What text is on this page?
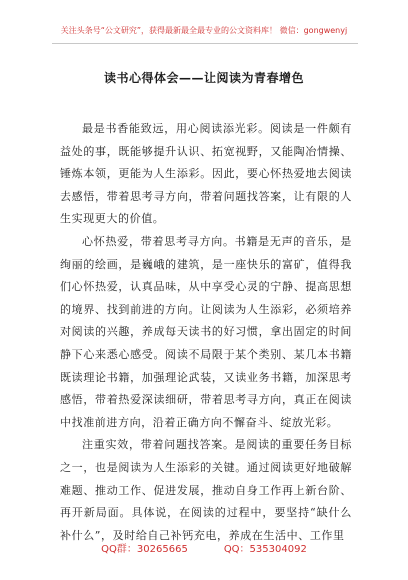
关注头条号“公文研究”，获得最新最全最专业的公文资料库！ 微信：gongwenyj
读书心得体会——让阅读为青春增色

最是书香能致远，用心阅读添光彩。阅读是一件颇有益处的事，既能够提升认识、拓宽视野，又能陶冶情操、锤炼本领，更能为人生添彩。因此，要心怀热爱地去阅读去感悟，带着思考寻方向，带着问题找答案，让有限的人生实现更大的价值。

心怀热爱，带着思考寻方向。书籍是无声的音乐，是绚丽的绘画，是巍峨的建筑，是一座快乐的富矿，值得我们心怀热爱，认真品味，从中享受心灵的宁静、提高思想的境界、找到前进的方向。让阅读为人生添彩，必须培养对阅读的兴趣，养成每天读书的好习惯，拿出固定的时间静下心来悉心感受。阅读不局限于某个类别、某几本书籍既读理论书籍，加强理论武装，又读业务书籍，加深思考感悟，带着热爱深读细研，带着思考寻方向，真正在阅读中找准前进方向，沿着正确方向不懈奋斗、绽放光彩。

注重实效，带着问题找答案。是阅读的重要任务目标之一，也是阅读为人生添彩的关键。通过阅读更好地破解难题、推动工作、促进发展，推动自身工作再上新台阶、再开新局面。具体说，在阅读的过程中，要坚持“缺什么补什么”，及时给自己补钙充电，养成在生活中、工作里

QQ群：30265665	QQ：535304092
